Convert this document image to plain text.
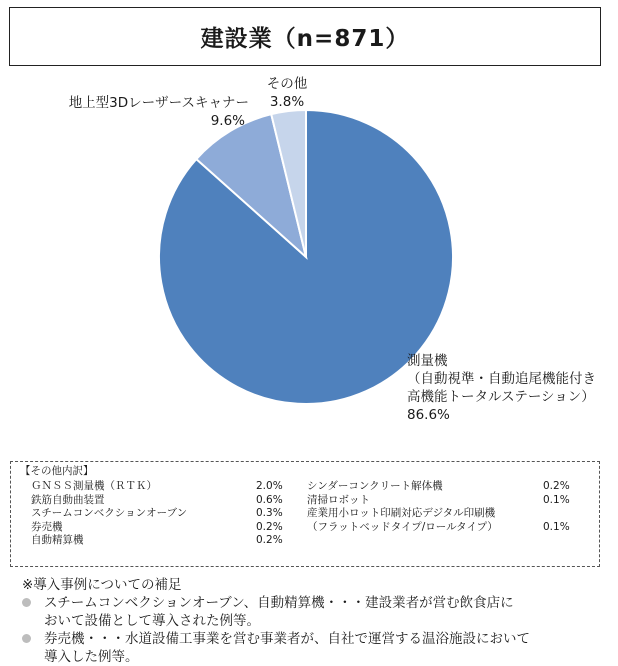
建設業（n=871）
測量機
（自動視準・自動追尾機能付き
高機能トータルステーション）
86.6%
地上型3Dレーザースキャナー
9.6%
その他
3.8%
【その他内訳】
ＧＮＳＳ測量機（ＲＴＫ）	2.0%
鉄筋自動曲装置	0.6%
スチームコンベクションオーブン	0.3%
券売機	0.2%
自動精算機	0.2%
シンダーコンクリート解体機	0.2%
清掃ロボット	0.1%
産業用小ロット印刷対応デジタル印刷機
（フラットベッドタイプ/ロールタイプ）	0.1%
※導入事例についての補足
スチームコンベクションオーブン、自動精算機・・・建設業者が営む飲食店に
おいて設備として導入された例等。
券売機・・・水道設備工事業を営む事業者が、自社で運営する温浴施設において
導入した例等。
